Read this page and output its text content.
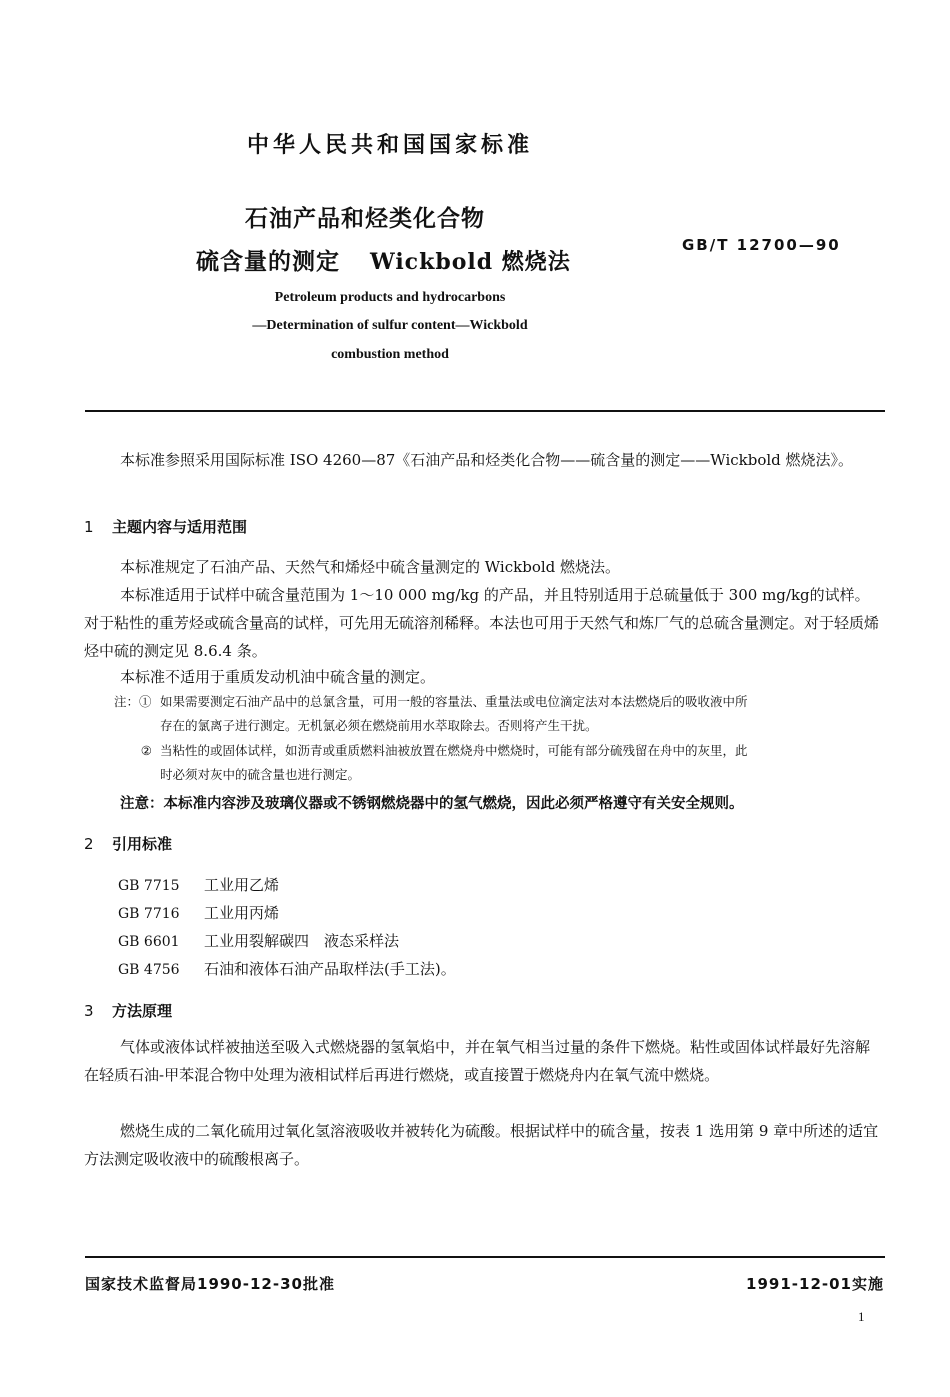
中华人民共和国国家标准
石油产品和烃类化合物
硫含量的测定 Wickbold 燃烧法
GB/T 12700—90
Petroleum products and hydrocarbons
—Determination of sulfur content—Wickbold
combustion method
本标准参照采用国际标准 ISO 4260—87《石油产品和烃类化合物——硫含量的测定——Wickbold 燃烧法》。
1 主题内容与适用范围
本标准规定了石油产品、天然气和烯烃中硫含量测定的 Wickbold 燃烧法。
本标准适用于试样中硫含量范围为 1～10 000 mg/kg 的产品，并且特别适用于总硫量低于 300 mg/kg的试样。对于粘性的重芳烃或硫含量高的试样，可先用无硫溶剂稀释。本法也可用于天然气和炼厂气的总硫含量测定。对于轻质烯烃中硫的测定见 8.6.4 条。
本标准不适用于重质发动机油中硫含量的测定。
注：① 如果需要测定石油产品中的总氯含量，可用一般的容量法、重量法或电位滴定法对本法燃烧后的吸收液中所
存在的氯离子进行测定。无机氯必须在燃烧前用水萃取除去。否则将产生干扰。
② 当粘性的或固体试样，如沥青或重质燃料油被放置在燃烧舟中燃烧时，可能有部分硫残留在舟中的灰里，此
时必须对灰中的硫含量也进行测定。
注意：本标准内容涉及玻璃仪器或不锈钢燃烧器中的氢气燃烧，因此必须严格遵守有关安全规则。
2 引用标准
GB 7715 工业用乙烯
GB 7716 工业用丙烯
GB 6601 工业用裂解碳四　液态采样法
GB 4756 石油和液体石油产品取样法(手工法)。
3 方法原理
气体或液体试样被抽送至吸入式燃烧器的氢氧焰中，并在氧气相当过量的条件下燃烧。粘性或固体试样最好先溶解在轻质石油-甲苯混合物中处理为液相试样后再进行燃烧，或直接置于燃烧舟内在氧气流中燃烧。
燃烧生成的二氧化硫用过氧化氢溶液吸收并被转化为硫酸。根据试样中的硫含量，按表 1 选用第 9 章中所述的适宜方法测定吸收液中的硫酸根离子。
国家技术监督局1990-12-30批准	1991-12-01实施
1
